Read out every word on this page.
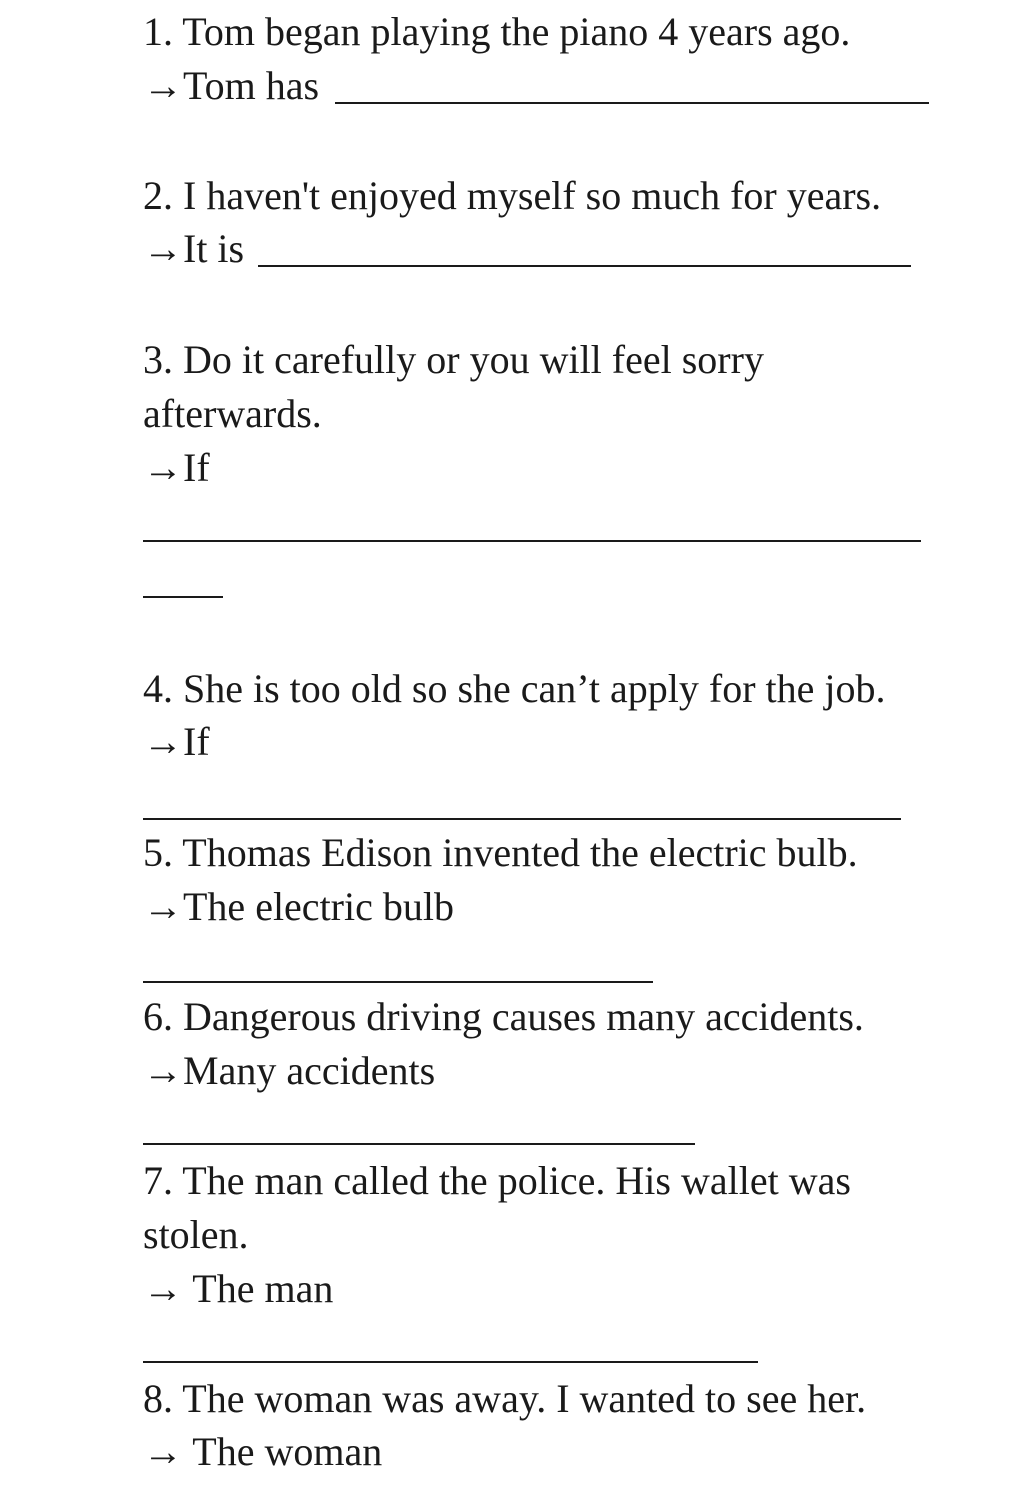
1. Tom began playing the piano 4 years ago.
→Tom has
2. I haven't enjoyed myself so much for years.
→It is
3. Do it carefully or you will feel sorry
afterwards.
→If
4. She is too old so she can’t apply for the job.
→If
5. Thomas Edison invented the electric bulb.
→The electric bulb
6. Dangerous driving causes many accidents.
→Many accidents
7. The man called the police. His wallet was
stolen.
→ The man
8. The woman was away. I wanted to see her.
→ The woman
